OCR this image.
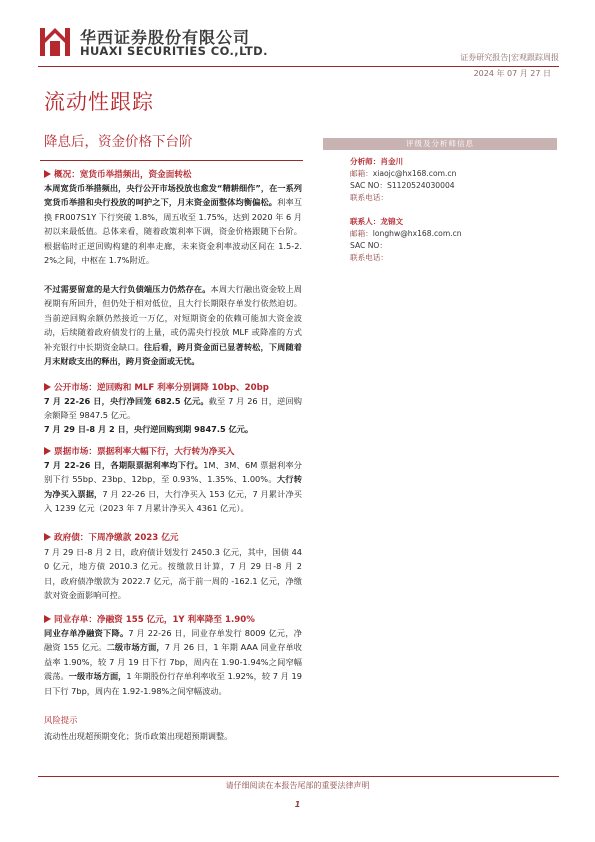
华西证券股份有限公司
HUAXI SECURITIES CO.,LTD.	证券研究报告|宏观跟踪周报
2024 年 07 月 27 日
流动性跟踪
降息后，资金价格下台阶
概况：宽货币举措频出，资金面转松
本周宽货币举措频出，央行公开市场投放也愈发“精耕细作”，在一系列宽货币举措和央行投放的呵护之下，月末资金面整体均衡偏松。利率互换 FR007S1Y 下行突破 1.8%，周五收至 1.75%，达到 2020 年 6 月初以来最低值。总体来看，随着政策利率下调，资金价格跟随下台阶。根据临时正逆回购构建的利率走廊，未来资金利率波动区间在 1.5-2.2%之间，中枢在 1.7%附近。
不过需要留意的是大行负债端压力仍然存在。本周大行融出资金较上周视期有所回升，但仍处于相对低位，且大行长期限存单发行依然迫切。当前逆回购余额仍然接近一万亿，对短期资金的依赖可能加大资金波动，后续随着政府债发行的上量，或仍需央行投放 MLF 或降准的方式补充银行中长期资金缺口。往后看，跨月资金面已显著转松，下周随着月末财政支出的释出，跨月资金面或无忧。
公开市场：逆回购和 MLF 利率分别调降 10bp、20bp
7 月 22-26 日，央行净回笼 682.5 亿元。截至 7 月 26 日，逆回购余额降至 9847.5 亿元。
7 月 29 日-8 月 2 日，央行逆回购到期 9847.5 亿元。
票据市场：票据利率大幅下行，大行转为净买入
7 月 22-26 日，各期限票据利率均下行。1M、3M、6M 票据利率分别下行 55bp、23bp、12bp，至 0.93%、1.35%、1.00%。大行转为净买入票据，7 月 22-26 日，大行净买入 153 亿元，7 月累计净买入 1239 亿元（2023 年 7 月累计净买入 4361 亿元）。
政府债：下周净缴款 2023 亿元
7 月 29 日-8 月 2 日，政府债计划发行 2450.3 亿元，其中，国债 440 亿元，地方债 2010.3 亿元。按缴款日计算，7 月 29 日-8 月 2 日，政府债净缴款为 2022.7 亿元，高于前一周的 -162.1 亿元，净缴款对资金面影响可控。
同业存单：净融资 155 亿元，1Y 利率降至 1.90%
同业存单净融资下降。7 月 22-26 日，同业存单发行 8009 亿元，净融资 155 亿元。二级市场方面，7 月 26 日，1 年期 AAA 同业存单收益率 1.90%，较 7 月 19 日下行 7bp，周内在 1.90-1.94%之间窄幅震荡。一级市场方面，1 年期股份行存单利率收至 1.92%，较 7 月 19 日下行 7bp，周内在 1.92-1.98%之间窄幅波动。
风险提示
流动性出现超预期变化；货币政策出现超预期调整。
评级及分析师信息
分析师：肖金川
邮箱：xiaojc@hx168.com.cn
SAC NO：S1120524030004
联系电话：
联系人：龙锦文
邮箱：longhw@hx168.com.cn
SAC NO：
联系电话：
请仔细阅读在本报告尾部的重要法律声明
1
